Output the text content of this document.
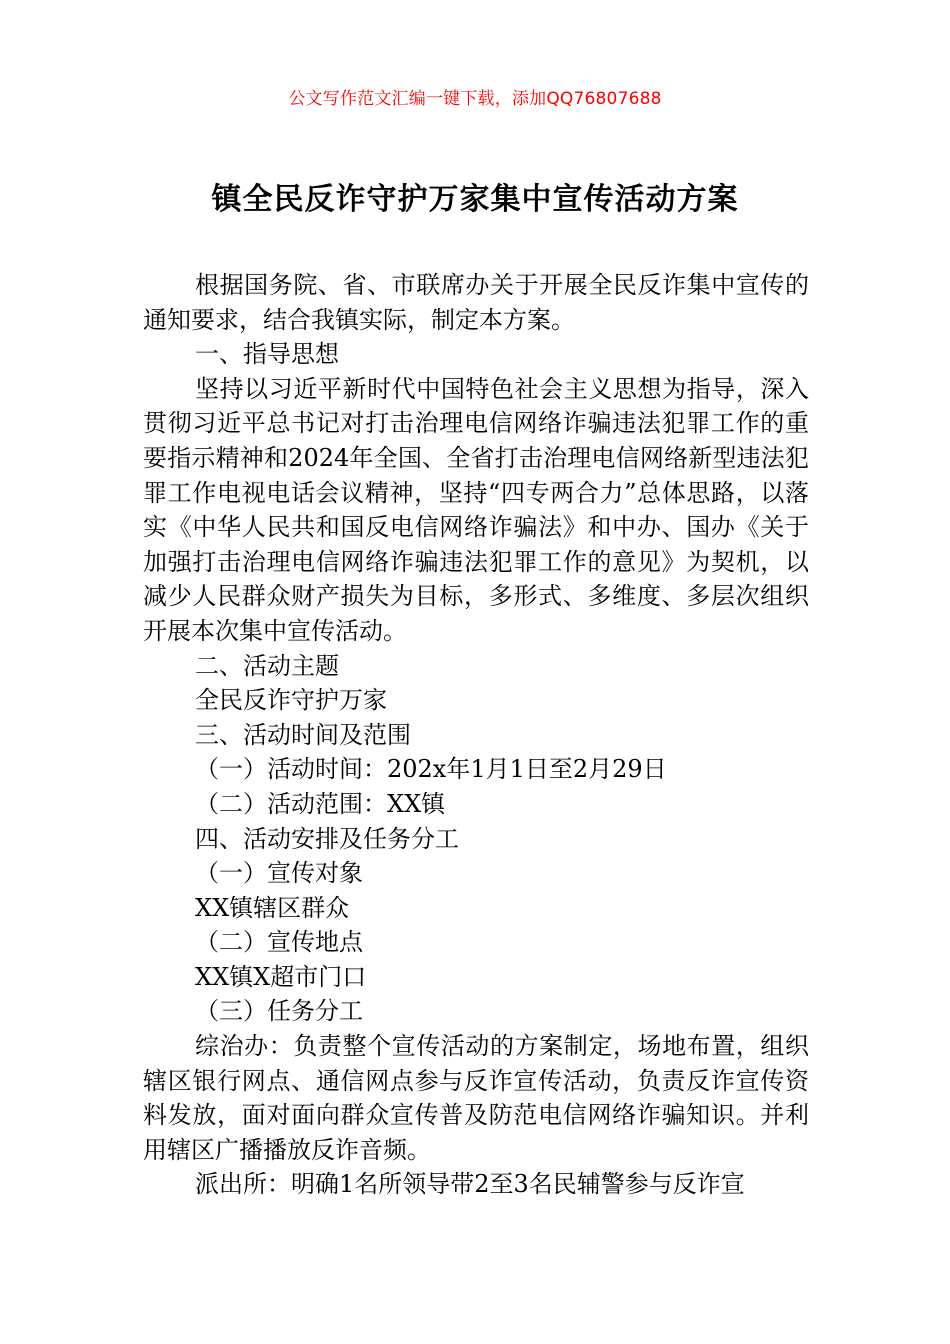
公文写作范文汇编一键下载，添加QQ76807688
镇全民反诈守护万家集中宣传活动方案

根据国务院、省、市联席办关于开展全民反诈集中宣传的通知要求，结合我镇实际，制定本方案。

一、指导思想

坚持以习近平新时代中国特色社会主义思想为指导，深入贯彻习近平总书记对打击治理电信网络诈骗违法犯罪工作的重要指示精神和2024年全国、全省打击治理电信网络新型违法犯罪工作电视电话会议精神，坚持“四专两合力”总体思路，以落实《中华人民共和国反电信网络诈骗法》和中办、国办《关于加强打击治理电信网络诈骗违法犯罪工作的意见》为契机，以减少人民群众财产损失为目标，多形式、多维度、多层次组织开展本次集中宣传活动。

二、活动主题

全民反诈守护万家

三、活动时间及范围

（一）活动时间：202x年1月1日至2月29日

（二）活动范围：XX镇

四、活动安排及任务分工

（一）宣传对象

XX镇辖区群众

（二）宣传地点

XX镇X超市门口

（三）任务分工

综治办：负责整个宣传活动的方案制定，场地布置，组织辖区银行网点、通信网点参与反诈宣传活动，负责反诈宣传资料发放，面对面向群众宣传普及防范电信网络诈骗知识。并利用辖区广播播放反诈音频。

派出所：明确1名所领导带2至3名民辅警参与反诈宣
